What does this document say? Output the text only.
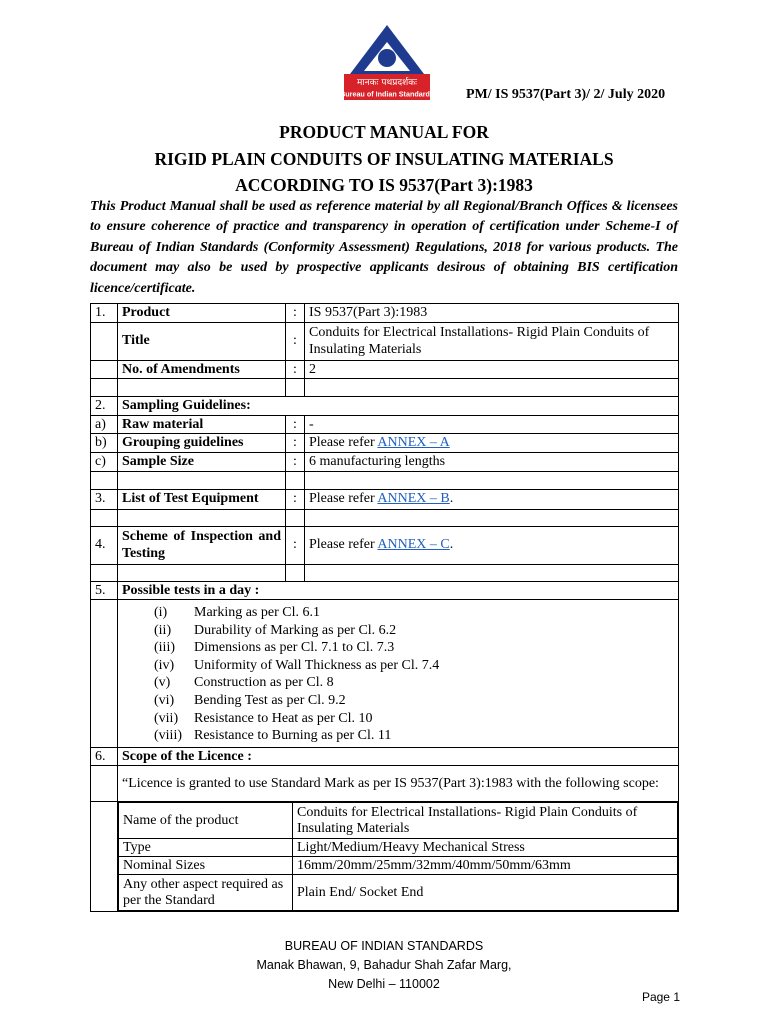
मानकः पथप्रदर्शकः
Bureau of Indian Standards PM/ IS 9537(Part 3)/ 2/ July 2020
PRODUCT MANUAL FOR
RIGID PLAIN CONDUITS OF INSULATING MATERIALS
ACCORDING TO IS 9537(Part 3):1983
This Product Manual shall be used as reference material by all Regional/Branch Offices & licensees to ensure coherence of practice and transparency in operation of certification under Scheme-I of Bureau of Indian Standards (Conformity Assessment) Regulations, 2018 for various products. The document may also be used by prospective applicants desirous of obtaining BIS certification licence/certificate.
1.	Product	:	IS 9537(Part 3):1983
	Title	:	Conduits for Electrical Installations- Rigid Plain Conduits of Insulating Materials
	No. of Amendments	:	2

2.	Sampling Guidelines:
a)	Raw material	:	-
b)	Grouping guidelines	:	Please refer ANNEX – A
c)	Sample Size	:	6 manufacturing lengths

3.	List of Test Equipment	:	Please refer ANNEX – B.

4.	Scheme of Inspection and Testing	:	Please refer ANNEX – C.

5.	Possible tests in a day :

(i) Marking as per Cl. 6.1
(ii) Durability of Marking as per Cl. 6.2
(iii) Dimensions as per Cl. 7.1 to Cl. 7.3
(iv) Uniformity of Wall Thickness as per Cl. 7.4
(v) Construction as per Cl. 8
(vi) Bending Test as per Cl. 9.2
(vii) Resistance to Heat as per Cl. 10
(viii) Resistance to Burning as per Cl. 11

6.	Scope of the Licence :
	“Licence is granted to use Standard Mark as per IS 9537(Part 3):1983 with the following scope:

Name of the product	Conduits for Electrical Installations- Rigid Plain Conduits of Insulating Materials
Type	Light/Medium/Heavy Mechanical Stress
Nominal Sizes	16mm/20mm/25mm/32mm/40mm/50mm/63mm
Any other aspect required as per the Standard	Plain End/ Socket End
BUREAU OF INDIAN STANDARDS
Manak Bhawan, 9, Bahadur Shah Zafar Marg,
New Delhi – 110002
Page 1
